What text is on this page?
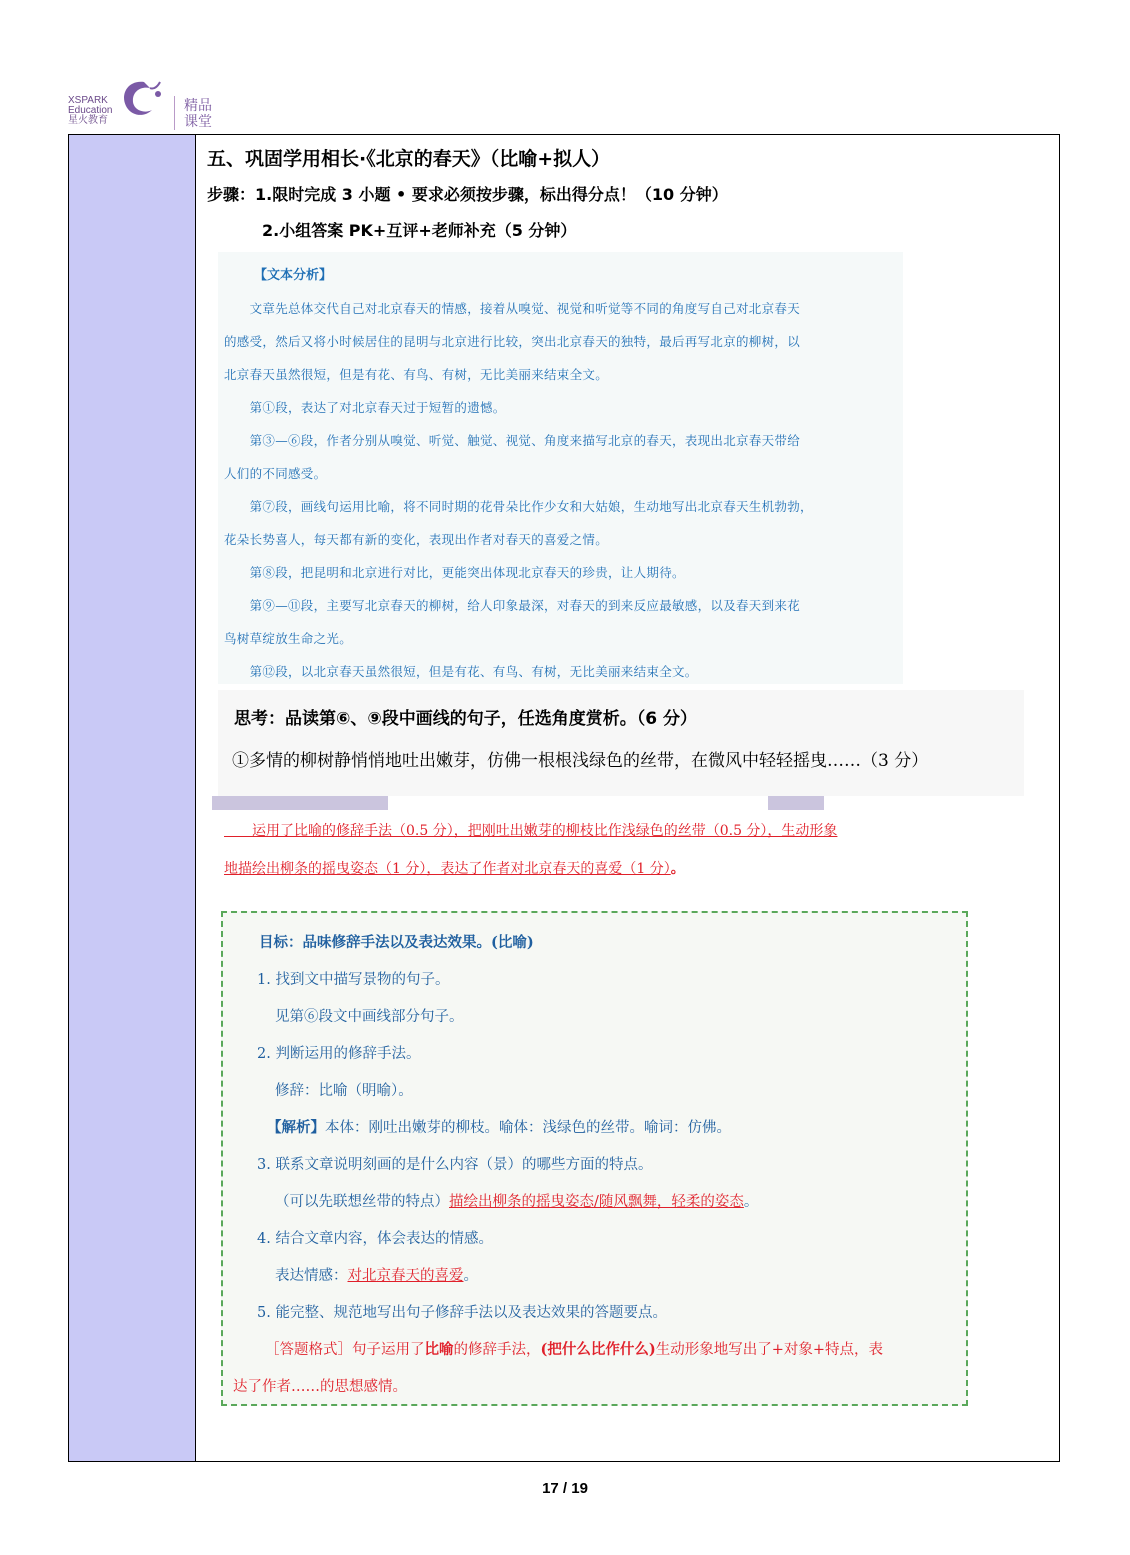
XSPARK
Education
星火教育
精品
课堂
五、巩固学用相长·《北京的春天》（比喻+拟人）
步骤：1.限时完成 3 小题 • 要求必须按步骤，标出得分点！（10 分钟）
2.小组答案 PK+互评+老师补充（5 分钟）
【文本分析】
　　文章先总体交代自己对北京春天的情感，接着从嗅觉、视觉和听觉等不同的角度写自己对北京春天
的感受，然后又将小时候居住的昆明与北京进行比较，突出北京春天的独特，最后再写北京的柳树，以
北京春天虽然很短，但是有花、有鸟、有树，无比美丽来结束全文。
　　第①段，表达了对北京春天过于短暂的遗憾。
　　第③—⑥段，作者分别从嗅觉、听觉、触觉、视觉、角度来描写北京的春天，表现出北京春天带给
人们的不同感受。
　　第⑦段，画线句运用比喻，将不同时期的花骨朵比作少女和大姑娘，生动地写出北京春天生机勃勃，
花朵长势喜人，每天都有新的变化，表现出作者对春天的喜爱之情。
　　第⑧段，把昆明和北京进行对比，更能突出体现北京春天的珍贵，让人期待。
　　第⑨—⑪段，主要写北京春天的柳树，给人印象最深，对春天的到来反应最敏感，以及春天到来花
鸟树草绽放生命之光。
　　第⑫段，以北京春天虽然很短，但是有花、有鸟、有树，无比美丽来结束全文。
思考：品读第⑥、⑨段中画线的句子，任选角度赏析。（6 分）
①多情的柳树静悄悄地吐出嫩芽，仿佛一根根浅绿色的丝带，在微风中轻轻摇曳……（3 分）
　　运用了比喻的修辞手法（0.5 分），把刚吐出嫩芽的柳枝比作浅绿色的丝带（0.5 分），生动形象
地描绘出柳条的摇曳姿态（1 分），表达了作者对北京春天的喜爱（1 分）。
目标：品味修辞手法以及表达效果。(比喻)
1. 找到文中描写景物的句子。
见第⑥段文中画线部分句子。
2. 判断运用的修辞手法。
修辞：比喻（明喻）。
【解析】本体：刚吐出嫩芽的柳枝。喻体：浅绿色的丝带。喻词：仿佛。
3. 联系文章说明刻画的是什么内容（景）的哪些方面的特点。
（可以先联想丝带的特点）描绘出柳条的摇曳姿态/随风飘舞，轻柔的姿态。
4. 结合文章内容，体会表达的情感。
表达情感：对北京春天的喜爱。
5. 能完整、规范地写出句子修辞手法以及表达效果的答题要点。
［答题格式］句子运用了比喻的修辞手法，(把什么比作什么)生动形象地写出了+对象+特点，表
达了作者……的思想感情。
17 / 19
